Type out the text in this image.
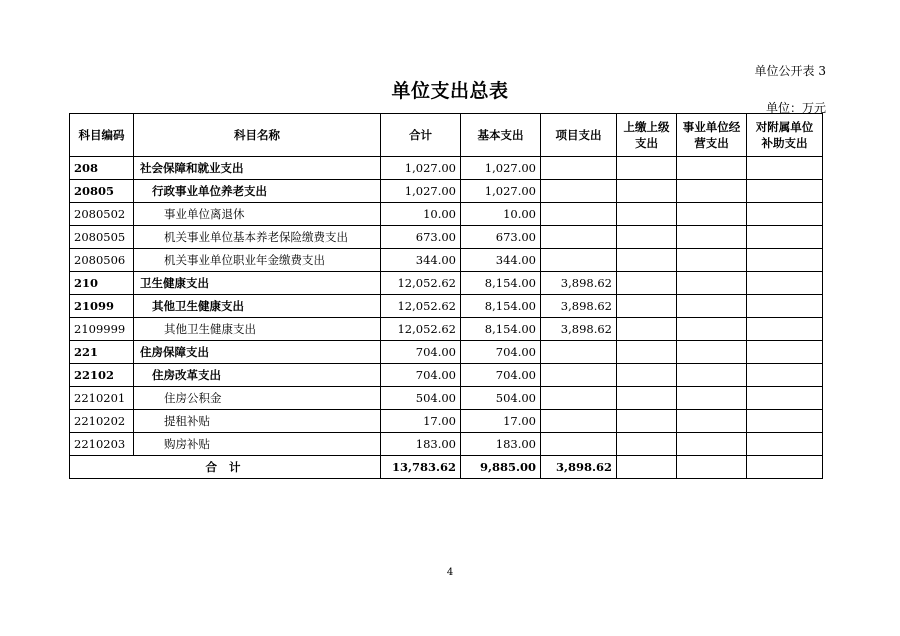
单位公开表 3
单位支出总表
单位：万元
科目编码	科目名称	合计	基本支出	项目支出	上缴上级支出	事业单位经营支出	对附属单位补助支出
208	社会保障和就业支出	1,027.00	1,027.00				
20805	行政事业单位养老支出	1,027.00	1,027.00				
2080502	事业单位离退休	10.00	10.00				
2080505	机关事业单位基本养老保险缴费支出	673.00	673.00				
2080506	机关事业单位职业年金缴费支出	344.00	344.00				
210	卫生健康支出	12,052.62	8,154.00	3,898.62			
21099	其他卫生健康支出	12,052.62	8,154.00	3,898.62			
2109999	其他卫生健康支出	12,052.62	8,154.00	3,898.62			
221	住房保障支出	704.00	704.00				
22102	住房改革支出	704.00	704.00				
2210201	住房公积金	504.00	504.00				
2210202	提租补贴	17.00	17.00				
2210203	购房补贴	183.00	183.00				
合 计		13,783.62	9,885.00	3,898.62			
4
